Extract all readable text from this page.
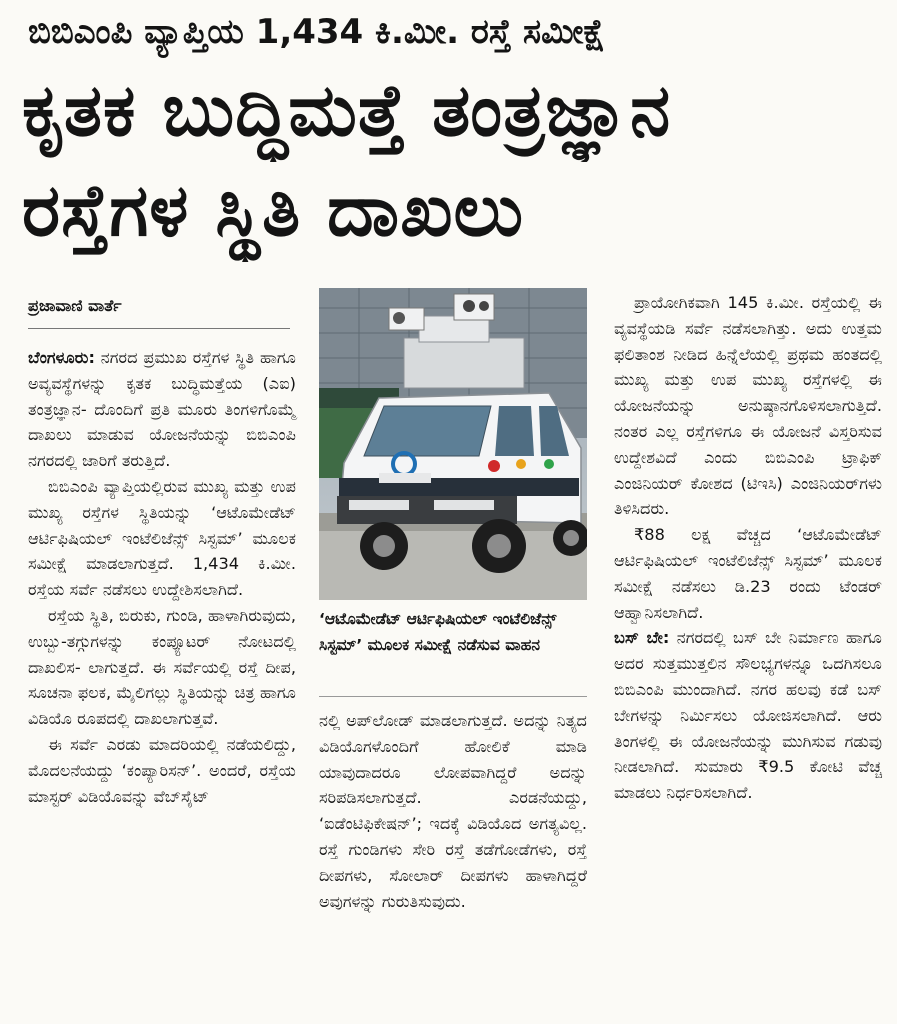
ಬಿಬಿಎಂಪಿ ವ್ಯಾಪ್ತಿಯ 1,434 ಕಿ.ಮೀ. ರಸ್ತೆ ಸಮೀಕ್ಷೆ
ಕೃತಕ ಬುದ್ಧಿಮತ್ತೆ ತಂತ್ರಜ್ಞಾನ
ರಸ್ತೆಗಳ ಸ್ಥಿತಿ ದಾಖಲು
ಪ್ರಜಾವಾಣಿ ವಾರ್ತೆ

ಬೆಂಗಳೂರು: ನಗರದ ಪ್ರಮುಖ ರಸ್ತೆಗಳ ಸ್ಥಿತಿ ಹಾಗೂ ಅವ್ಯವಸ್ಥೆಗಳನ್ನು ಕೃತಕ ಬುದ್ಧಿಮತ್ತೆಯ (ಎಐ) ತಂತ್ರಜ್ಞಾನ- ದೊಂದಿಗೆ ಪ್ರತಿ ಮೂರು ತಿಂಗಳಿಗೊಮ್ಮೆ ದಾಖಲು ಮಾಡುವ ಯೋಜನೆಯನ್ನು ಬಿಬಿಎಂಪಿ ನಗರದಲ್ಲಿ ಜಾರಿಗೆ ತರುತ್ತಿದೆ.

ಬಿಬಿಎಂಪಿ ವ್ಯಾಪ್ತಿಯಲ್ಲಿರುವ ಮುಖ್ಯ ಮತ್ತು ಉಪ ಮುಖ್ಯ ರಸ್ತೆಗಳ ಸ್ಥಿತಿಯನ್ನು ‘ಆಟೊಮೇಡೆಟ್ ಆರ್ಟಿಫಿಷಿಯಲ್ ಇಂಟೆಲಿಜೆನ್ಸ್ ಸಿಸ್ಟಮ್’ ಮೂಲಕ ಸಮೀಕ್ಷೆ ಮಾಡಲಾಗುತ್ತದೆ. 1,434 ಕಿ.ಮೀ. ರಸ್ತೆಯ ಸರ್ವೆ ನಡೆಸಲು ಉದ್ದೇಶಿಸಲಾಗಿದೆ.

ರಸ್ತೆಯ ಸ್ಥಿತಿ, ಬಿರುಕು, ಗುಂಡಿ, ಹಾಳಾಗಿರುವುದು, ಉಬ್ಬು-ತಗ್ಗುಗಳನ್ನು ಕಂಪ್ಯೂಟರ್ ನೋಟದಲ್ಲಿ ದಾಖಲಿಸ- ಲಾಗುತ್ತದೆ. ಈ ಸರ್ವೆಯಲ್ಲಿ ರಸ್ತೆ ದೀಪ, ಸೂಚನಾ ಫಲಕ, ಮೈಲಿಗಲ್ಲು ಸ್ಥಿತಿಯನ್ನು ಚಿತ್ರ ಹಾಗೂ ವಿಡಿಯೊ ರೂಪದಲ್ಲಿ ದಾಖಲಾಗುತ್ತವೆ.

ಈ ಸರ್ವೆ ಎರಡು ಮಾದರಿಯಲ್ಲಿ ನಡೆಯಲಿದ್ದು, ಮೊದಲನೆಯದ್ದು ‘ಕಂಪ್ಯಾರಿಸನ್’. ಅಂದರೆ, ರಸ್ತೆಯ ಮಾಸ್ಟರ್ ವಿಡಿಯೊವನ್ನು ವೆಬ್‌ಸೈಟ್

‘ಆಟೊಮೇಡೆಟ್ ಆರ್ಟಿಫಿಷಿಯಲ್ ಇಂಟೆಲಿಜೆನ್ಸ್ ಸಿಸ್ಟಮ್’ ಮೂಲಕ ಸಮೀಕ್ಷೆ ನಡೆಸುವ ವಾಹನ

ನಲ್ಲಿ ಅಪ್‌ಲೋಡ್ ಮಾಡಲಾಗುತ್ತದೆ. ಅದನ್ನು ನಿತ್ಯದ ವಿಡಿಯೊಗಳೊಂದಿಗೆ ಹೋಲಿಕೆ ಮಾಡಿ ಯಾವುದಾದರೂ ಲೋಪವಾಗಿದ್ದರೆ ಅದನ್ನು ಸರಿಪಡಿಸಲಾಗುತ್ತದೆ. ಎರಡನೆಯದ್ದು, ‘ಐಡೆಂಟಿಫಿಕೇಷನ್’; ಇದಕ್ಕೆ ವಿಡಿಯೊದ ಅಗತ್ಯವಿಲ್ಲ. ರಸ್ತೆ ಗುಂಡಿಗಳು ಸೇರಿ ರಸ್ತೆ ತಡೆಗೋಡೆಗಳು, ರಸ್ತೆ ದೀಪಗಳು, ಸೋಲಾರ್ ದೀಪಗಳು ಹಾಳಾಗಿದ್ದರೆ ಅವುಗಳನ್ನು ಗುರುತಿಸುವುದು.

ಪ್ರಾಯೋಗಿಕವಾಗಿ 145 ಕಿ.ಮೀ. ರಸ್ತೆಯಲ್ಲಿ ಈ ವ್ಯವಸ್ಥೆಯಡಿ ಸರ್ವೆ ನಡೆಸಲಾಗಿತ್ತು. ಅದು ಉತ್ತಮ ಫಲಿತಾಂಶ ನೀಡಿದ ಹಿನ್ನೆಲೆಯಲ್ಲಿ ಪ್ರಥಮ ಹಂತದಲ್ಲಿ ಮುಖ್ಯ ಮತ್ತು ಉಪ ಮುಖ್ಯ ರಸ್ತೆಗಳಲ್ಲಿ ಈ ಯೋಜನೆಯನ್ನು ಅನುಷ್ಠಾನಗೊಳಿಸಲಾಗುತ್ತಿದೆ. ನಂತರ ಎಲ್ಲ ರಸ್ತೆಗಳಿಗೂ ಈ ಯೋಜನೆ ವಿಸ್ತರಿಸುವ ಉದ್ದೇಶವಿದೆ ಎಂದು ಬಿಬಿಎಂಪಿ ಟ್ರಾಫಿಕ್ ಎಂಜಿನಿಯರ್ ಕೋಶದ (ಟಿಇಸಿ) ಎಂಜಿನಿಯರ್‌ಗಳು ತಿಳಿಸಿದರು.

₹88 ಲಕ್ಷ ವೆಚ್ಚದ ‘ಆಟೊಮೇಡೆಟ್ ಆರ್ಟಿಫಿಷಿಯಲ್ ಇಂಟೆಲಿಜೆನ್ಸ್ ಸಿಸ್ಟಮ್’ ಮೂಲಕ ಸಮೀಕ್ಷೆ ನಡೆಸಲು ಡಿ.23 ರಂದು ಟೆಂಡರ್ ಆಹ್ವಾನಿಸಲಾಗಿದೆ.

ಬಸ್ ಬೇ: ನಗರದಲ್ಲಿ ಬಸ್ ಬೇ ನಿರ್ಮಾಣ ಹಾಗೂ ಅದರ ಸುತ್ತಮುತ್ತಲಿನ ಸೌಲಭ್ಯಗಳನ್ನೂ ಒದಗಿಸಲೂ ಬಿಬಿಎಂಪಿ ಮುಂದಾಗಿದೆ. ನಗರ ಹಲವು ಕಡೆ ಬಸ್ ಬೇಗಳನ್ನು ನಿರ್ಮಿಸಲು ಯೋಜಿಸಲಾಗಿದೆ. ಆರು ತಿಂಗಳಲ್ಲಿ ಈ ಯೋಜನೆಯನ್ನು ಮುಗಿಸುವ ಗಡುವು ನೀಡಲಾಗಿದೆ. ಸುಮಾರು ₹9.5 ಕೋಟಿ ವೆಚ್ಚ ಮಾಡಲು ನಿರ್ಧರಿಸಲಾಗಿದೆ.
